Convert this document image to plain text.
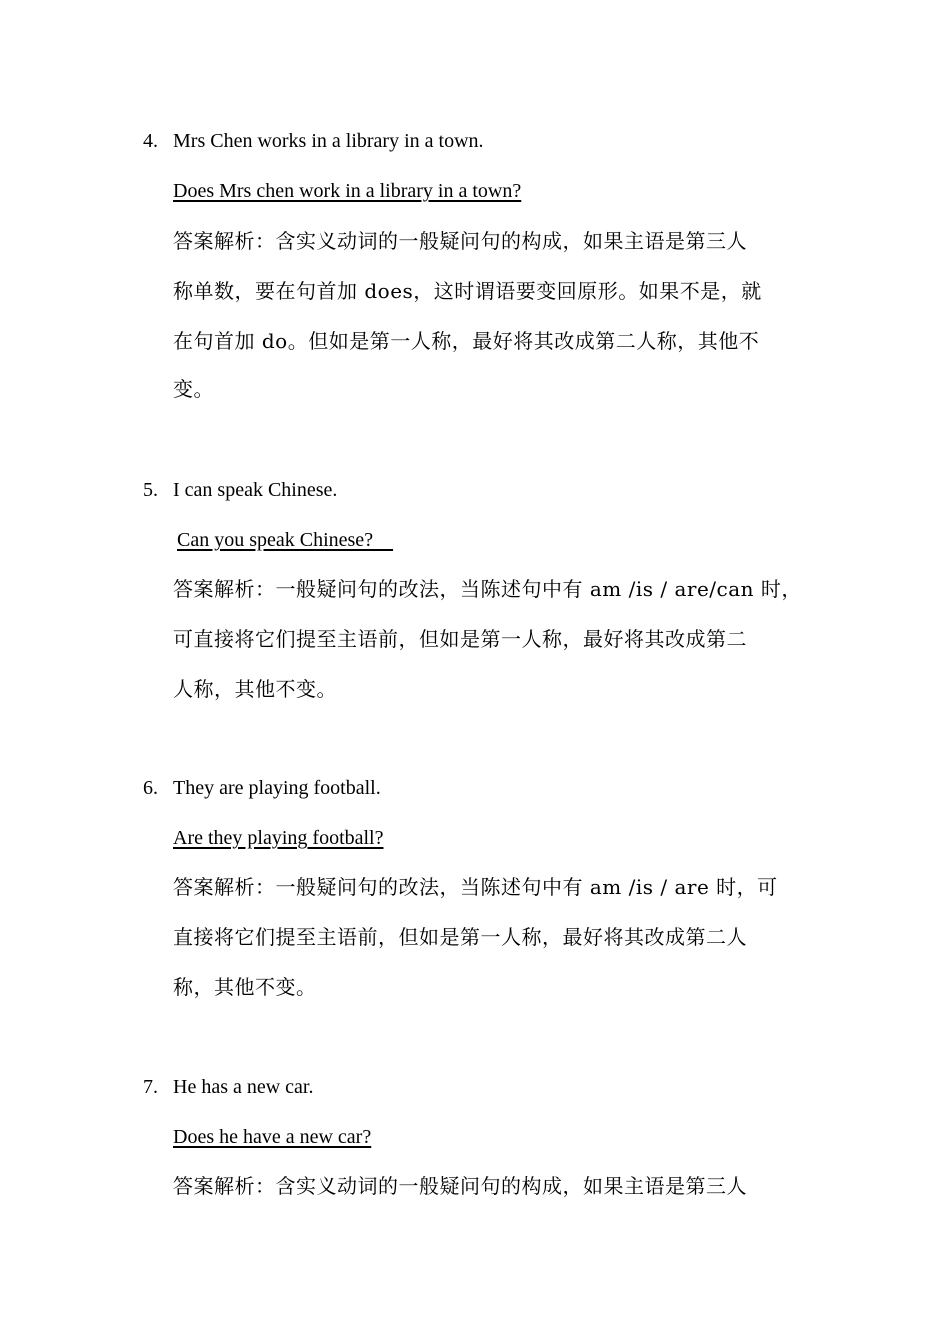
4. Mrs Chen works in a library in a town.
Does Mrs chen work in a library in a town?
答案解析：含实义动词的一般疑问句的构成，如果主语是第三人
称单数，要在句首加 does，这时谓语要变回原形。如果不是，就
在句首加 do。但如是第一人称，最好将其改成第二人称，其他不
变。
5. I can speak Chinese.
Can you speak Chinese?
答案解析：一般疑问句的改法，当陈述句中有 am /is / are/can 时，
可直接将它们提至主语前，但如是第一人称，最好将其改成第二
人称，其他不变。
6. They are playing football.
Are they playing football?
答案解析：一般疑问句的改法，当陈述句中有 am /is / are 时，可
直接将它们提至主语前，但如是第一人称，最好将其改成第二人
称，其他不变。
7. He has a new car.
Does he have a new car?
答案解析：含实义动词的一般疑问句的构成，如果主语是第三人
